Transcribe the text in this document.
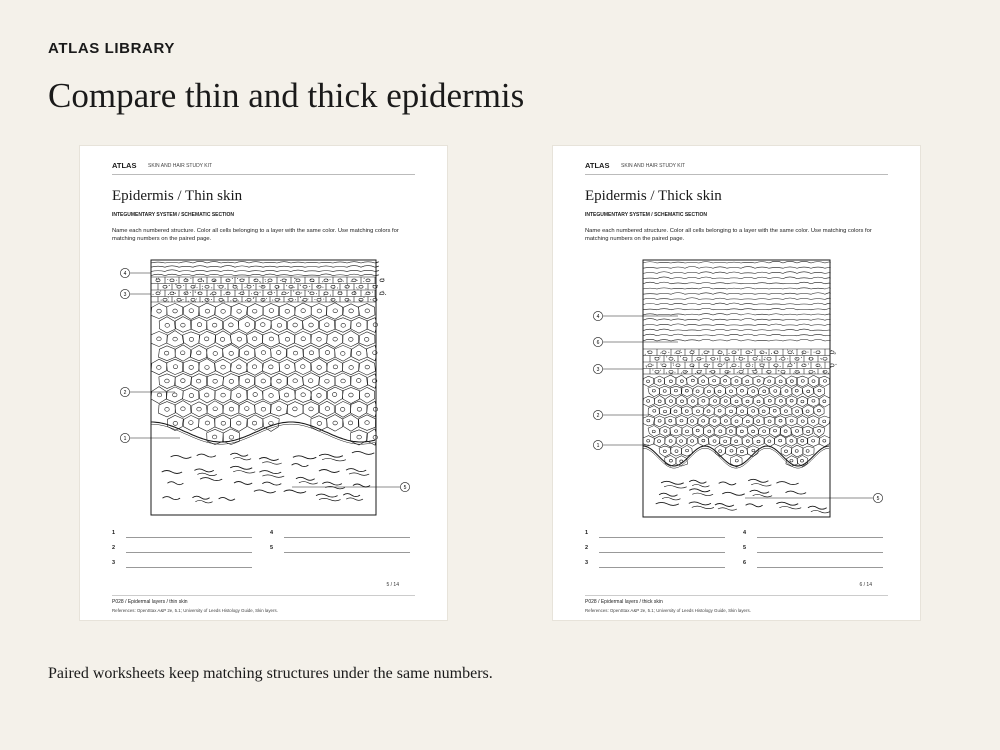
ATLAS LIBRARY
Compare thin and thick epidermis
ATLAS SKIN AND HAIR STUDY KIT
Epidermis / Thin skin
INTEGUMENTARY SYSTEM / SCHEMATIC SECTION
Name each numbered structure. Color all cells belonging to a layer with the same color. Use matching colors for matching numbers on the paired page.
4
3
2
1
5
1
2
3
4
5
5 / 14
P028 / Epidermal layers / thin skin
References: OpenStax A&P 2e, 5.1; University of Leeds Histology Guide, Skin layers.
ATLAS SKIN AND HAIR STUDY KIT
Epidermis / Thick skin
INTEGUMENTARY SYSTEM / SCHEMATIC SECTION
Name each numbered structure. Color all cells belonging to a layer with the same color. Use matching colors for matching numbers on the paired page.
4
6
3
2
1
5
1
2
3
4
5
6
6 / 14
P028 / Epidermal layers / thick skin
References: OpenStax A&P 2e, 5.1; University of Leeds Histology Guide, Skin layers.
Paired worksheets keep matching structures under the same numbers.
